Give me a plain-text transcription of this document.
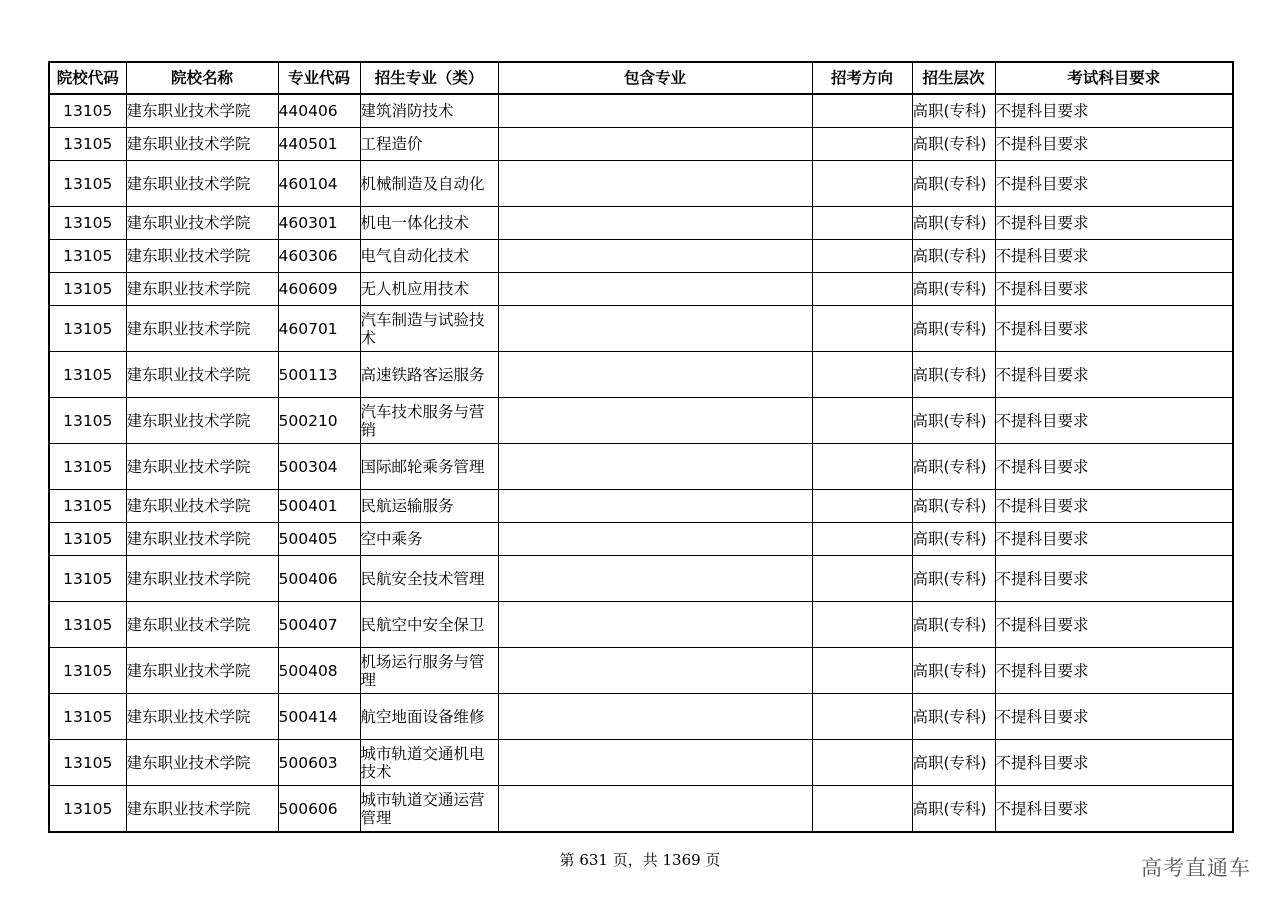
院校代码	院校名称	专业代码	招生专业（类）	包含专业	招考方向	招生层次	考试科目要求
13105	建东职业技术学院	440406	建筑消防技术			高职(专科)	不提科目要求
13105	建东职业技术学院	440501	工程造价			高职(专科)	不提科目要求
13105	建东职业技术学院	460104	机械制造及自动化			高职(专科)	不提科目要求
13105	建东职业技术学院	460301	机电一体化技术			高职(专科)	不提科目要求
13105	建东职业技术学院	460306	电气自动化技术			高职(专科)	不提科目要求
13105	建东职业技术学院	460609	无人机应用技术			高职(专科)	不提科目要求
13105	建东职业技术学院	460701	汽车制造与试验技术			高职(专科)	不提科目要求
13105	建东职业技术学院	500113	高速铁路客运服务			高职(专科)	不提科目要求
13105	建东职业技术学院	500210	汽车技术服务与营销			高职(专科)	不提科目要求
13105	建东职业技术学院	500304	国际邮轮乘务管理			高职(专科)	不提科目要求
13105	建东职业技术学院	500401	民航运输服务			高职(专科)	不提科目要求
13105	建东职业技术学院	500405	空中乘务			高职(专科)	不提科目要求
13105	建东职业技术学院	500406	民航安全技术管理			高职(专科)	不提科目要求
13105	建东职业技术学院	500407	民航空中安全保卫			高职(专科)	不提科目要求
13105	建东职业技术学院	500408	机场运行服务与管理			高职(专科)	不提科目要求
13105	建东职业技术学院	500414	航空地面设备维修			高职(专科)	不提科目要求
13105	建东职业技术学院	500603	城市轨道交通机电技术			高职(专科)	不提科目要求
13105	建东职业技术学院	500606	城市轨道交通运营管理			高职(专科)	不提科目要求
第 631 页，共 1369 页	高考直通车
